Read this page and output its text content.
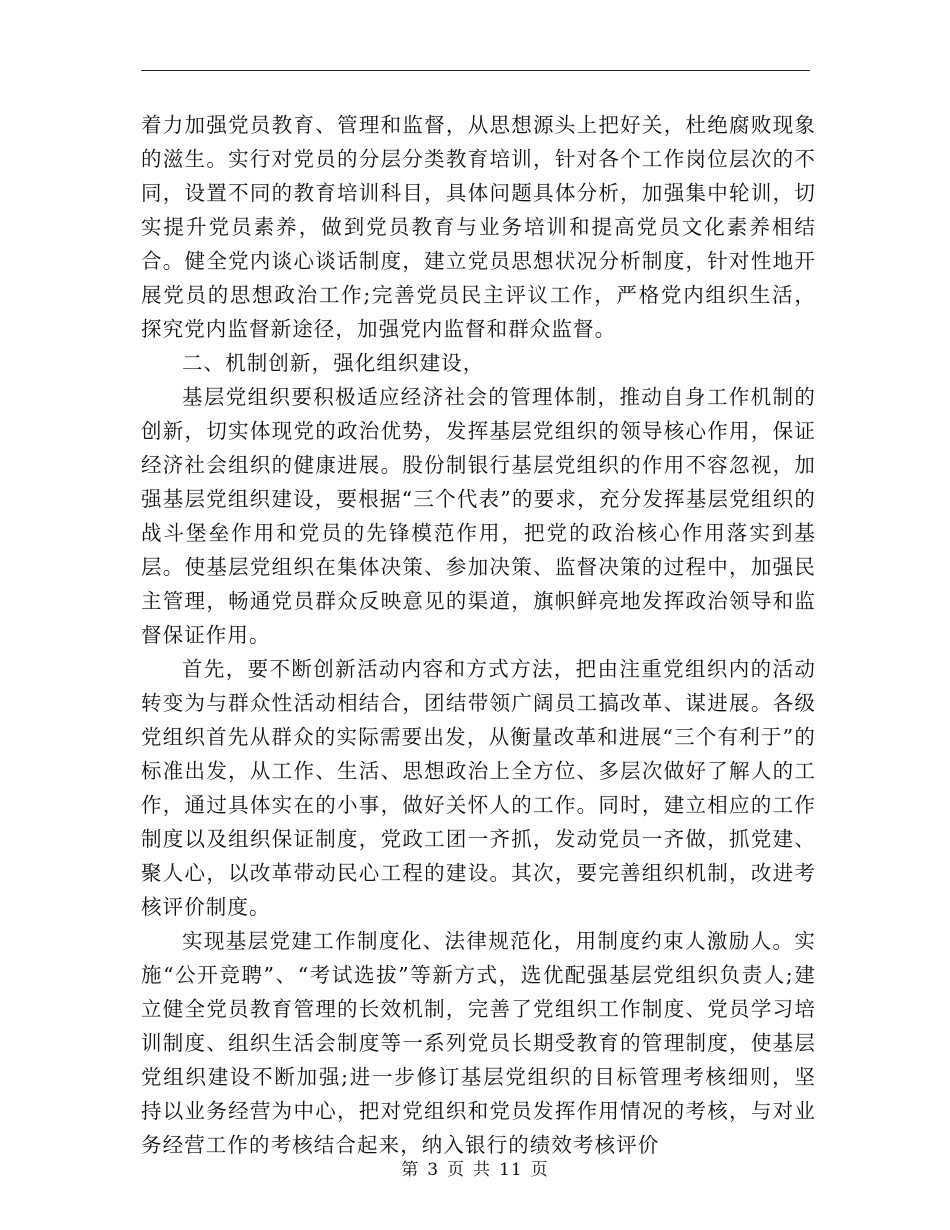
着力加强党员教育、管理和监督，从思想源头上把好关，杜绝腐败现象的滋生。实行对党员的分层分类教育培训，针对各个工作岗位层次的不同，设置不同的教育培训科目，具体问题具体分析，加强集中轮训，切实提升党员素养，做到党员教育与业务培训和提高党员文化素养相结合。健全党内谈心谈话制度，建立党员思想状况分析制度，针对性地开展党员的思想政治工作;完善党员民主评议工作，严格党内组织生活，探究党内监督新途径，加强党内监督和群众监督。

二、机制创新，强化组织建设，

基层党组织要积极适应经济社会的管理体制，推动自身工作机制的创新，切实体现党的政治优势，发挥基层党组织的领导核心作用，保证经济社会组织的健康进展。股份制银行基层党组织的作用不容忽视，加强基层党组织建设，要根据“三个代表”的要求，充分发挥基层党组织的战斗堡垒作用和党员的先锋模范作用，把党的政治核心作用落实到基层。使基层党组织在集体决策、参加决策、监督决策的过程中，加强民主管理，畅通党员群众反映意见的渠道，旗帜鲜亮地发挥政治领导和监督保证作用。

首先，要不断创新活动内容和方式方法，把由注重党组织内的活动转变为与群众性活动相结合，团结带领广阔员工搞改革、谋进展。各级党组织首先从群众的实际需要出发，从衡量改革和进展“三个有利于”的标准出发，从工作、生活、思想政治上全方位、多层次做好了解人的工作，通过具体实在的小事，做好关怀人的工作。同时，建立相应的工作制度以及组织保证制度，党政工团一齐抓，发动党员一齐做，抓党建、聚人心，以改革带动民心工程的建设。其次，要完善组织机制，改进考核评价制度。

实现基层党建工作制度化、法律规范化，用制度约束人激励人。实施“公开竞聘”、“考试选拔”等新方式，选优配强基层党组织负责人;建立健全党员教育管理的长效机制，完善了党组织工作制度、党员学习培训制度、组织生活会制度等一系列党员长期受教育的管理制度，使基层党组织建设不断加强;进一步修订基层党组织的目标管理考核细则，坚持以业务经营为中心，把对党组织和党员发挥作用情况的考核，与对业务经营工作的考核结合起来，纳入银行的绩效考核评价

第 3 页 共 11 页
